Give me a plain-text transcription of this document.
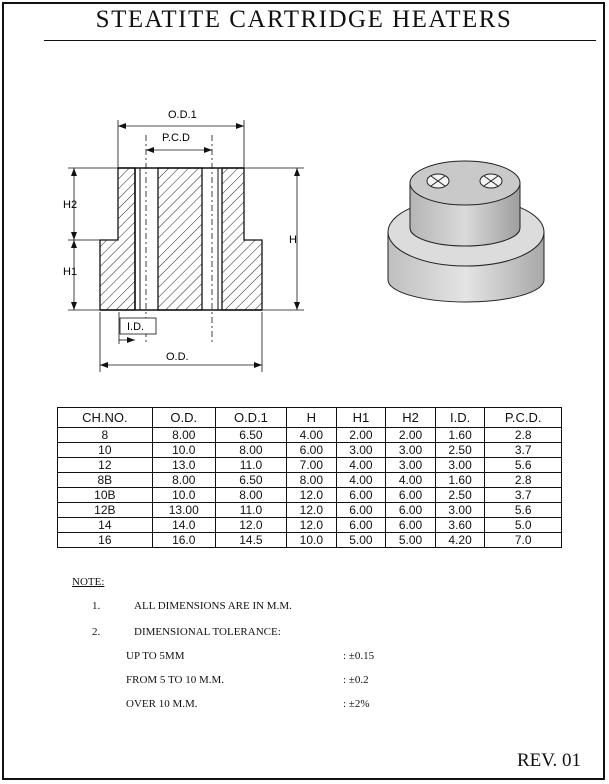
STEATITE CARTRIDGE HEATERS
O.D.1
P.C.D
H2
H1
H
I.D.
O.D.
CH.NO.	O.D.	O.D.1	H	H1	H2	I.D.	P.C.D.
8	8.00	6.50	4.00	2.00	2.00	1.60	2.8
10	10.0	8.00	6.00	3.00	3.00	2.50	3.7
12	13.0	11.0	7.00	4.00	3.00	3.00	5.6
8B	8.00	6.50	8.00	4.00	4.00	1.60	2.8
10B	10.0	8.00	12.0	6.00	6.00	2.50	3.7
12B	13.00	11.0	12.0	6.00	6.00	3.00	5.6
14	14.0	12.0	12.0	6.00	6.00	3.60	5.0
16	16.0	14.5	10.0	5.00	5.00	4.20	7.0
NOTE:
1.	ALL DIMENSIONS ARE IN M.M.
2.	DIMENSIONAL TOLERANCE:
UP TO 5MM	: ±0.15
FROM 5 TO 10 M.M.	: ±0.2
OVER 10 M.M.	: ±2%
REV. 01
